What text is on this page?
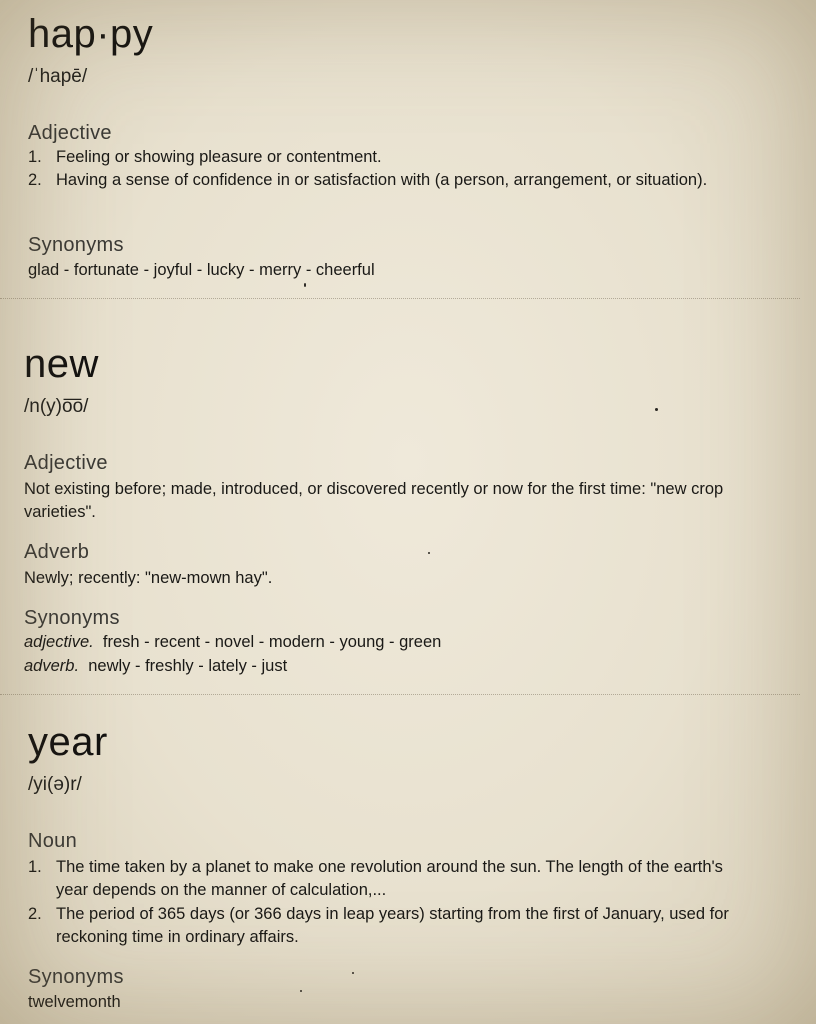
hap·py
/ˈhapē/
Adjective
1. Feeling or showing pleasure or contentment.
2. Having a sense of confidence in or satisfaction with (a person, arrangement, or situation).
Synonyms
glad - fortunate - joyful - lucky - merry - cheerful
new
/n(y)o͞o/
Adjective
Not existing before; made, introduced, or discovered recently or now for the first time: "new crop varieties".
Adverb
Newly; recently: "new-mown hay".
Synonyms
adjective. fresh - recent - novel - modern - young - green
adverb. newly - freshly - lately - just
year
/yi(ə)r/
Noun
1. The time taken by a planet to make one revolution around the sun. The length of the earth's year depends on the manner of calculation,...
2. The period of 365 days (or 366 days in leap years) starting from the first of January, used for reckoning time in ordinary affairs.
Synonyms
twelvemonth
